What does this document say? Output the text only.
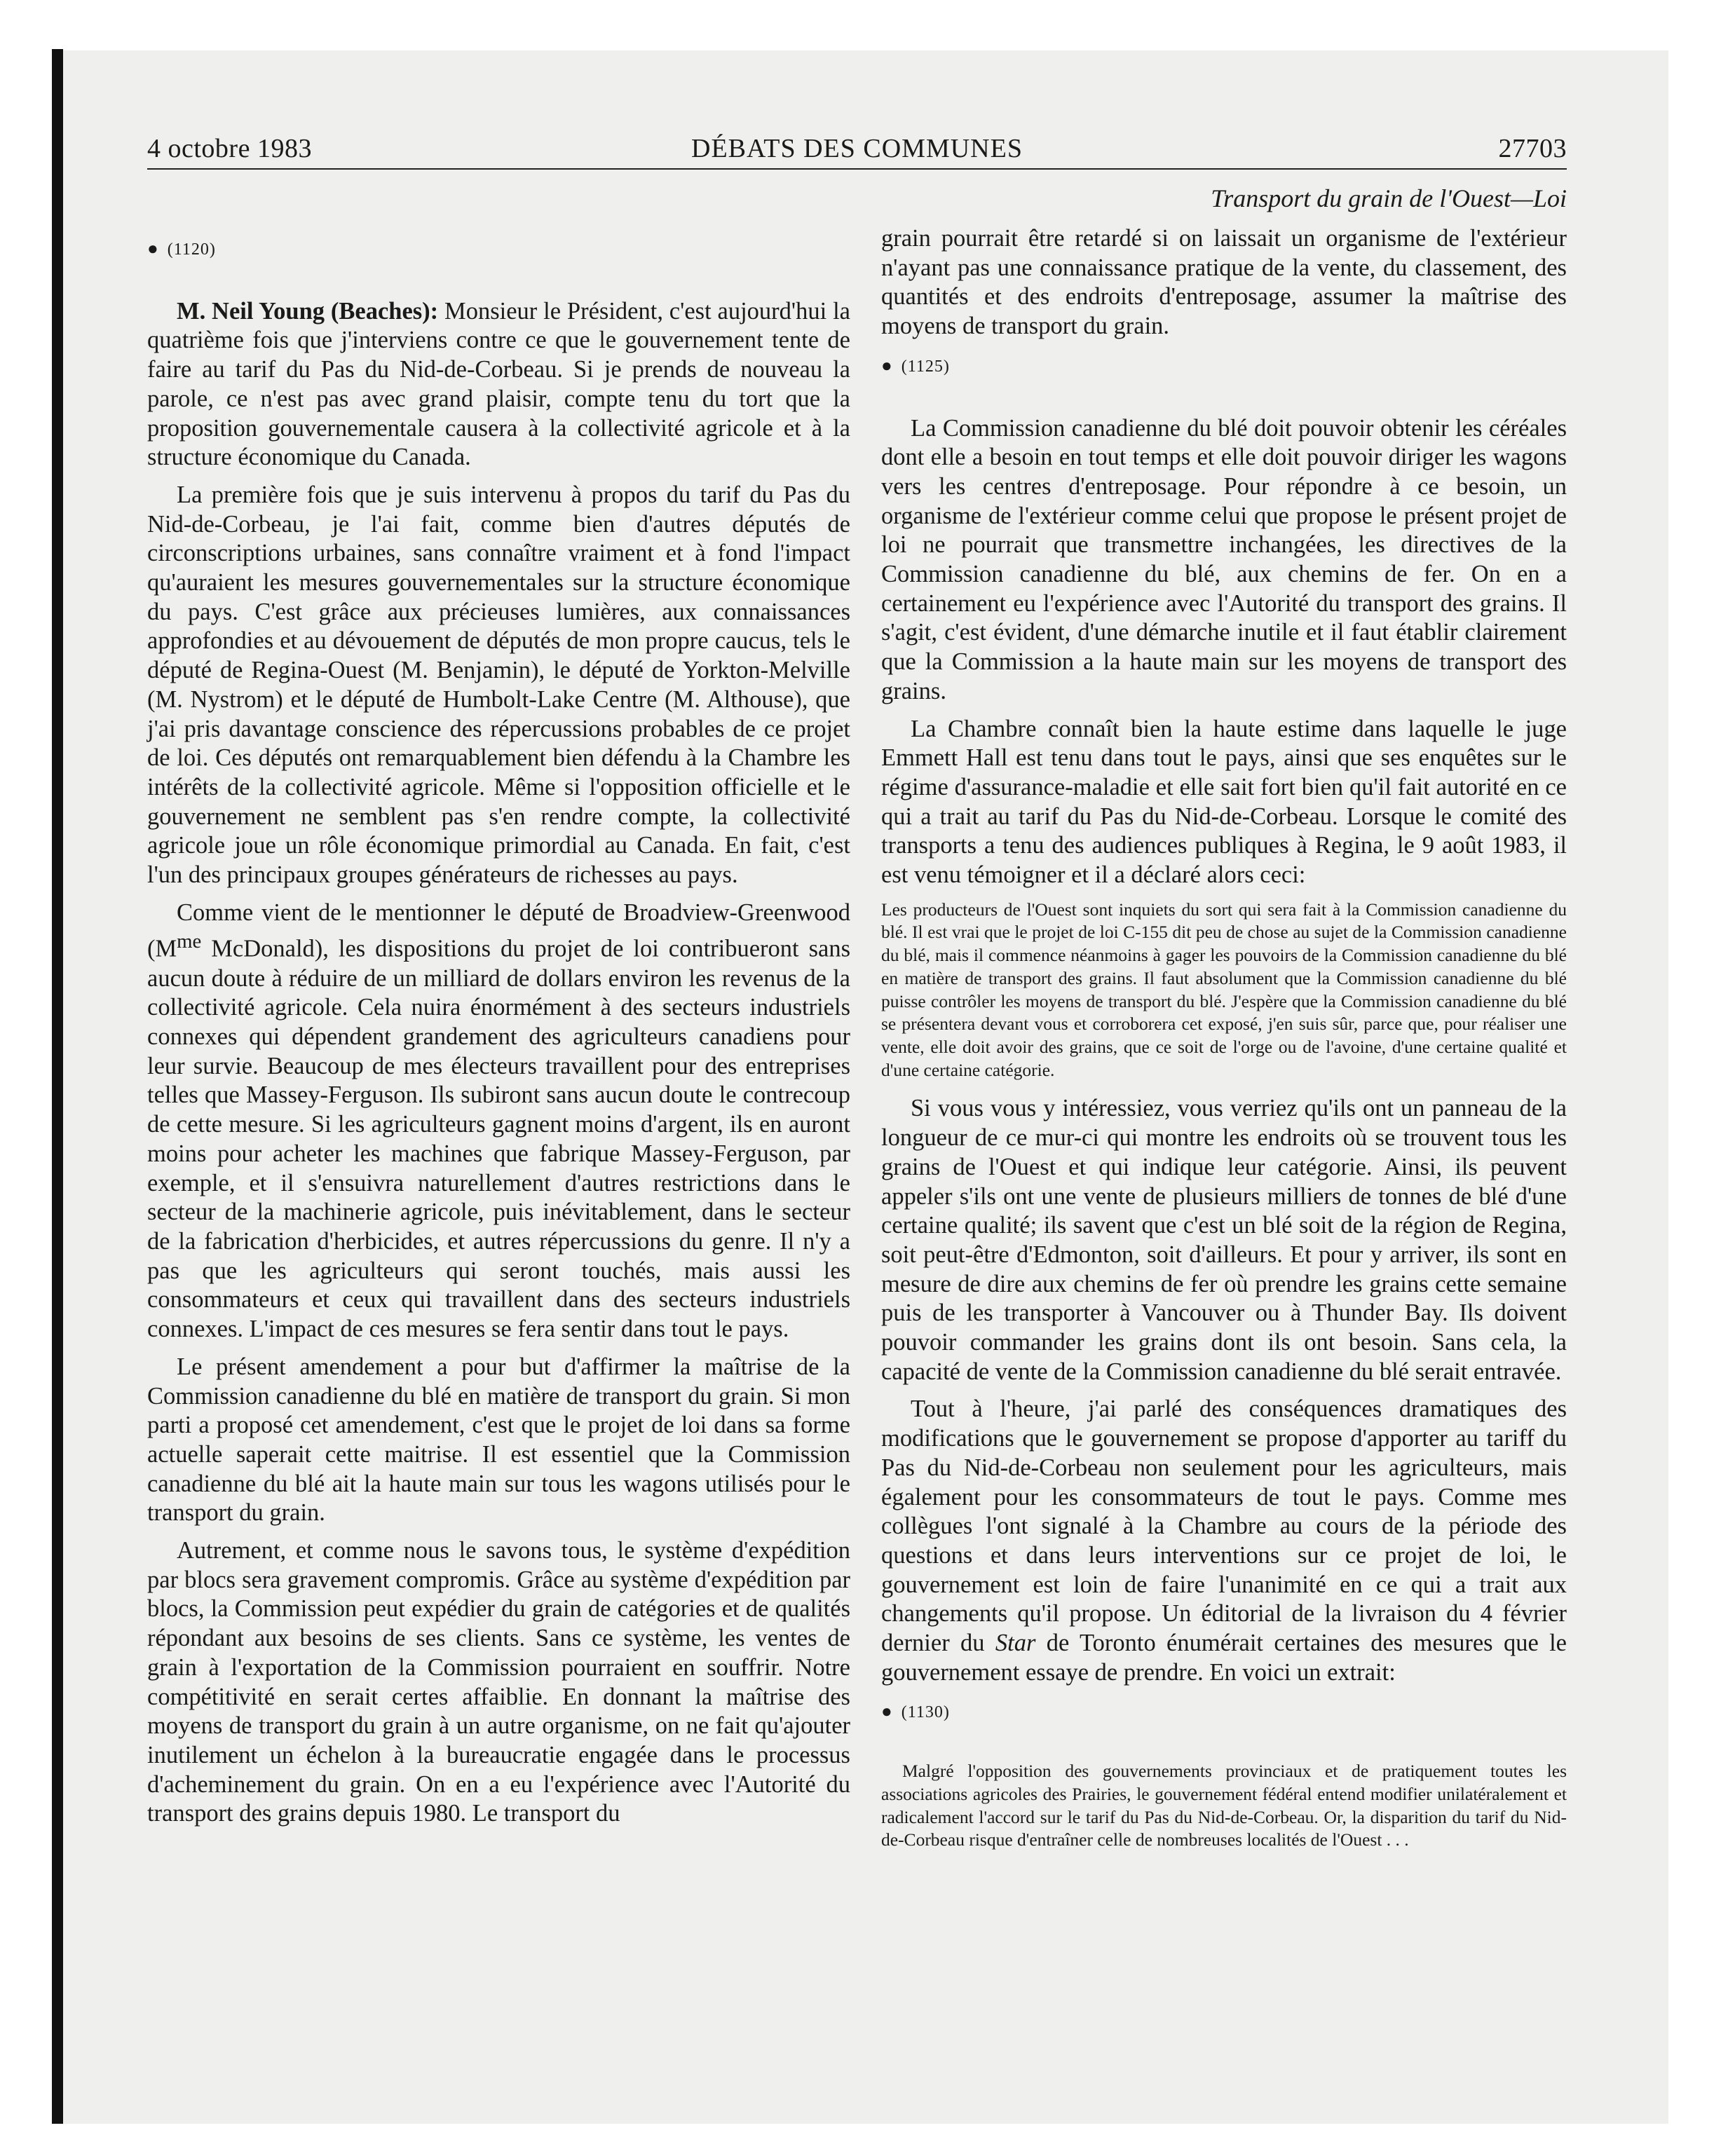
4 octobre 1983	DÉBATS DES COMMUNES	27703
Transport du grain de l'Ouest—Loi
● (1120)

M. Neil Young (Beaches): Monsieur le Président, c'est aujourd'hui la quatrième fois que j'interviens contre ce que le gouvernement tente de faire au tarif du Pas du Nid-de-Corbeau. Si je prends de nouveau la parole, ce n'est pas avec grand plaisir, compte tenu du tort que la proposition gouvernementale causera à la collectivité agricole et à la structure économique du Canada.

La première fois que je suis intervenu à propos du tarif du Pas du Nid-de-Corbeau, je l'ai fait, comme bien d'autres députés de circonscriptions urbaines, sans connaître vraiment et à fond l'impact qu'auraient les mesures gouvernementales sur la structure économique du pays. C'est grâce aux précieuses lumières, aux connaissances approfondies et au dévouement de députés de mon propre caucus, tels le député de Regina-Ouest (M. Benjamin), le député de Yorkton-Melville (M. Nystrom) et le député de Humbolt-Lake Centre (M. Althouse), que j'ai pris davantage conscience des répercussions probables de ce projet de loi. Ces députés ont remarquablement bien défendu à la Chambre les intérêts de la collectivité agricole. Même si l'opposition officielle et le gouvernement ne semblent pas s'en rendre compte, la collectivité agricole joue un rôle économique primordial au Canada. En fait, c'est l'un des principaux groupes générateurs de richesses au pays.

Comme vient de le mentionner le député de Broadview-Greenwood ($M^{me}$ McDonald), les dispositions du projet de loi contribueront sans aucun doute à réduire de un milliard de dollars environ les revenus de la collectivité agricole. Cela nuira énormément à des secteurs industriels connexes qui dépendent grandement des agriculteurs canadiens pour leur survie. Beaucoup de mes électeurs travaillent pour des entreprises telles que Massey-Ferguson. Ils subiront sans aucun doute le contrecoup de cette mesure. Si les agriculteurs gagnent moins d'argent, ils en auront moins pour acheter les machines que fabrique Massey-Ferguson, par exemple, et il s'ensuivra naturellement d'autres restrictions dans le secteur de la machinerie agricole, puis inévitablement, dans le secteur de la fabrication d'herbicides, et autres répercussions du genre. Il n'y a pas que les agriculteurs qui seront touchés, mais aussi les consommateurs et ceux qui travaillent dans des secteurs industriels connexes. L'impact de ces mesures se fera sentir dans tout le pays.

Le présent amendement a pour but d'affirmer la maîtrise de la Commission canadienne du blé en matière de transport du grain. Si mon parti a proposé cet amendement, c'est que le projet de loi dans sa forme actuelle saperait cette maitrise. Il est essentiel que la Commission canadienne du blé ait la haute main sur tous les wagons utilisés pour le transport du grain.

Autrement, et comme nous le savons tous, le système d'expédition par blocs sera gravement compromis. Grâce au système d'expédition par blocs, la Commission peut expédier du grain de catégories et de qualités répondant aux besoins de ses clients. Sans ce système, les ventes de grain à l'exportation de la Commission pourraient en souffrir. Notre compétitivité en serait certes affaiblie. En donnant la maîtrise des moyens de transport du grain à un autre organisme, on ne fait qu'ajouter inutilement un échelon à la bureaucratie engagée dans le processus d'acheminement du grain. On en a eu l'expérience avec l'Autorité du transport des grains depuis 1980. Le transport du

grain pourrait être retardé si on laissait un organisme de l'extérieur n'ayant pas une connaissance pratique de la vente, du classement, des quantités et des endroits d'entreposage, assumer la maîtrise des moyens de transport du grain.

● (1125)

La Commission canadienne du blé doit pouvoir obtenir les céréales dont elle a besoin en tout temps et elle doit pouvoir diriger les wagons vers les centres d'entreposage. Pour répondre à ce besoin, un organisme de l'extérieur comme celui que propose le présent projet de loi ne pourrait que transmettre inchangées, les directives de la Commission canadienne du blé, aux chemins de fer. On en a certainement eu l'expérience avec l'Autorité du transport des grains. Il s'agit, c'est évident, d'une démarche inutile et il faut établir clairement que la Commission a la haute main sur les moyens de transport des grains.

La Chambre connaît bien la haute estime dans laquelle le juge Emmett Hall est tenu dans tout le pays, ainsi que ses enquêtes sur le régime d'assurance-maladie et elle sait fort bien qu'il fait autorité en ce qui a trait au tarif du Pas du Nid-de-Corbeau. Lorsque le comité des transports a tenu des audiences publiques à Regina, le 9 août 1983, il est venu témoigner et il a déclaré alors ceci:

Les producteurs de l'Ouest sont inquiets du sort qui sera fait à la Commission canadienne du blé. Il est vrai que le projet de loi C-155 dit peu de chose au sujet de la Commission canadienne du blé, mais il commence néanmoins à gager les pouvoirs de la Commission canadienne du blé en matière de transport des grains. Il faut absolument que la Commission canadienne du blé puisse contrôler les moyens de transport du blé. J'espère que la Commission canadienne du blé se présentera devant vous et corroborera cet exposé, j'en suis sûr, parce que, pour réaliser une vente, elle doit avoir des grains, que ce soit de l'orge ou de l'avoine, d'une certaine qualité et d'une certaine catégorie.

Si vous vous y intéressiez, vous verriez qu'ils ont un panneau de la longueur de ce mur-ci qui montre les endroits où se trouvent tous les grains de l'Ouest et qui indique leur catégorie. Ainsi, ils peuvent appeler s'ils ont une vente de plusieurs milliers de tonnes de blé d'une certaine qualité; ils savent que c'est un blé soit de la région de Regina, soit peut-être d'Edmonton, soit d'ailleurs. Et pour y arriver, ils sont en mesure de dire aux chemins de fer où prendre les grains cette semaine puis de les transporter à Vancouver ou à Thunder Bay. Ils doivent pouvoir commander les grains dont ils ont besoin. Sans cela, la capacité de vente de la Commission canadienne du blé serait entravée.

Tout à l'heure, j'ai parlé des conséquences dramatiques des modifications que le gouvernement se propose d'apporter au tariff du Pas du Nid-de-Corbeau non seulement pour les agriculteurs, mais également pour les consommateurs de tout le pays. Comme mes collègues l'ont signalé à la Chambre au cours de la période des questions et dans leurs interventions sur ce projet de loi, le gouvernement est loin de faire l'unanimité en ce qui a trait aux changements qu'il propose. Un éditorial de la livraison du 4 février dernier du Star de Toronto énumérait certaines des mesures que le gouvernement essaye de prendre. En voici un extrait:

● (1130)
Malgré l'opposition des gouvernements provinciaux et de pratiquement toutes les associations agricoles des Prairies, le gouvernement fédéral entend modifier unilatéralement et radicalement l'accord sur le tarif du Pas du Nid-de-Corbeau. Or, la disparition du tarif du Nid-de-Corbeau risque d'entraîner celle de nombreuses localités de l'Ouest . . .
